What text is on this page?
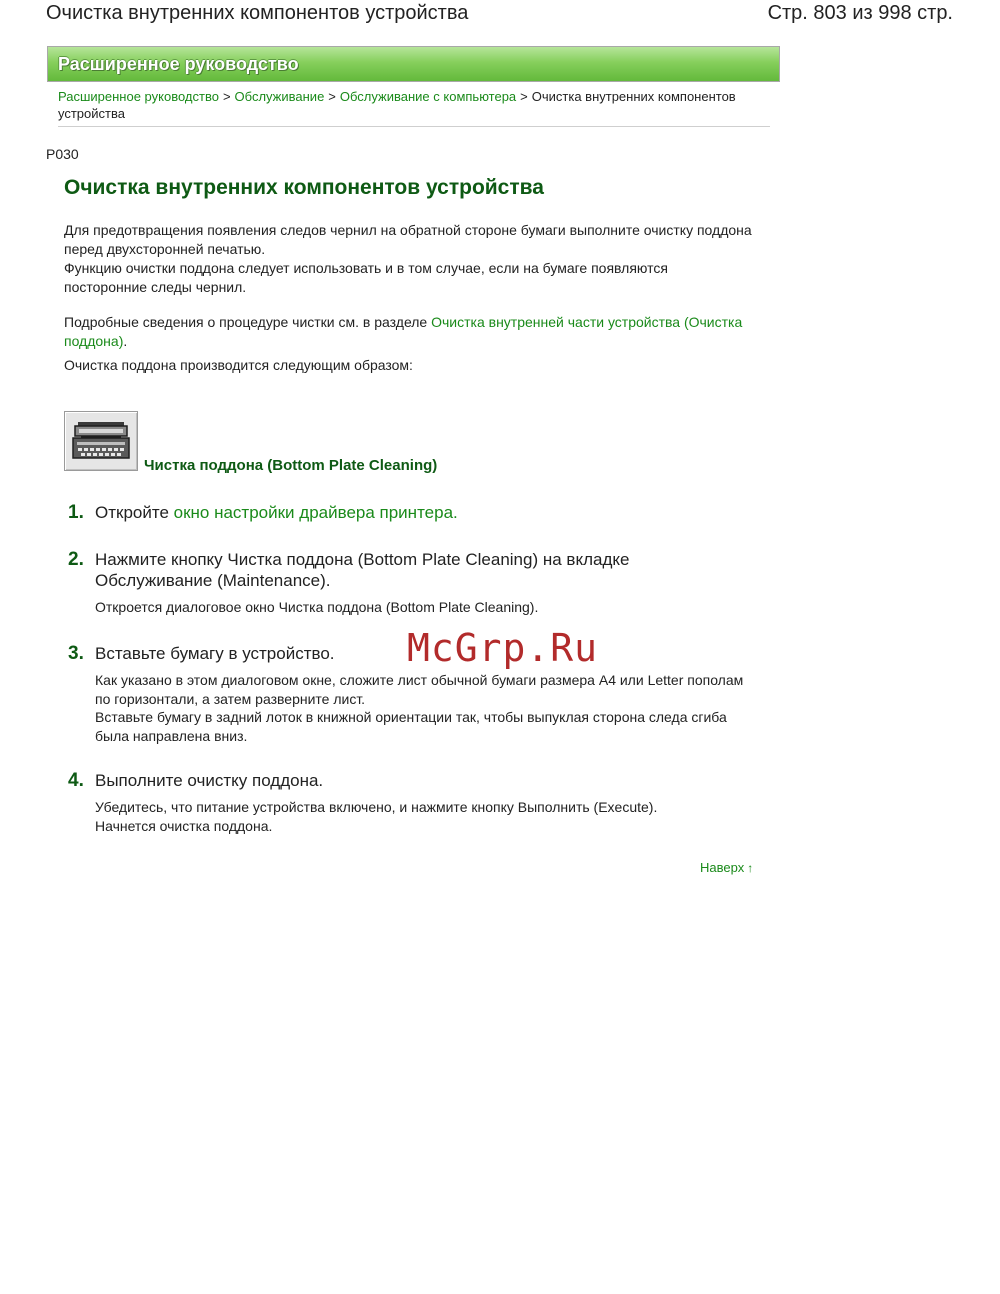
Очистка внутренних компонентов устройства	Стр. 803 из 998 стр.
Расширенное руководство
Расширенное руководство > Обслуживание > Обслуживание с компьютера > Очистка внутренних компонентов устройства
P030
Очистка внутренних компонентов устройства

Для предотвращения появления следов чернил на обратной стороне бумаги выполните очистку поддона перед двухсторонней печатью.
Функцию очистки поддона следует использовать и в том случае, если на бумаге появляются посторонние следы чернил.

Подробные сведения о процедуре чистки см. в разделе Очистка внутренней части устройства (Очистка поддона).

Очистка поддона производится следующим образом:

Чистка поддона (Bottom Plate Cleaning)
1. Откройте окно настройки драйвера принтера.

2. Нажмите кнопку Чистка поддона (Bottom Plate Cleaning) на вкладке Обслуживание (Maintenance).

Откроется диалоговое окно Чистка поддона (Bottom Plate Cleaning).

3. Вставьте бумагу в устройство.

Как указано в этом диалоговом окне, сложите лист обычной бумаги размера A4 или Letter пополам по горизонтали, а затем разверните лист.
Вставьте бумагу в задний лоток в книжной ориентации так, чтобы выпуклая сторона следа сгиба была направлена вниз.

4. Выполните очистку поддона.

Убедитесь, что питание устройства включено, и нажмите кнопку Выполнить (Execute).
Начнется очистка поддона.

Наверх ↑
McGrp.Ru
